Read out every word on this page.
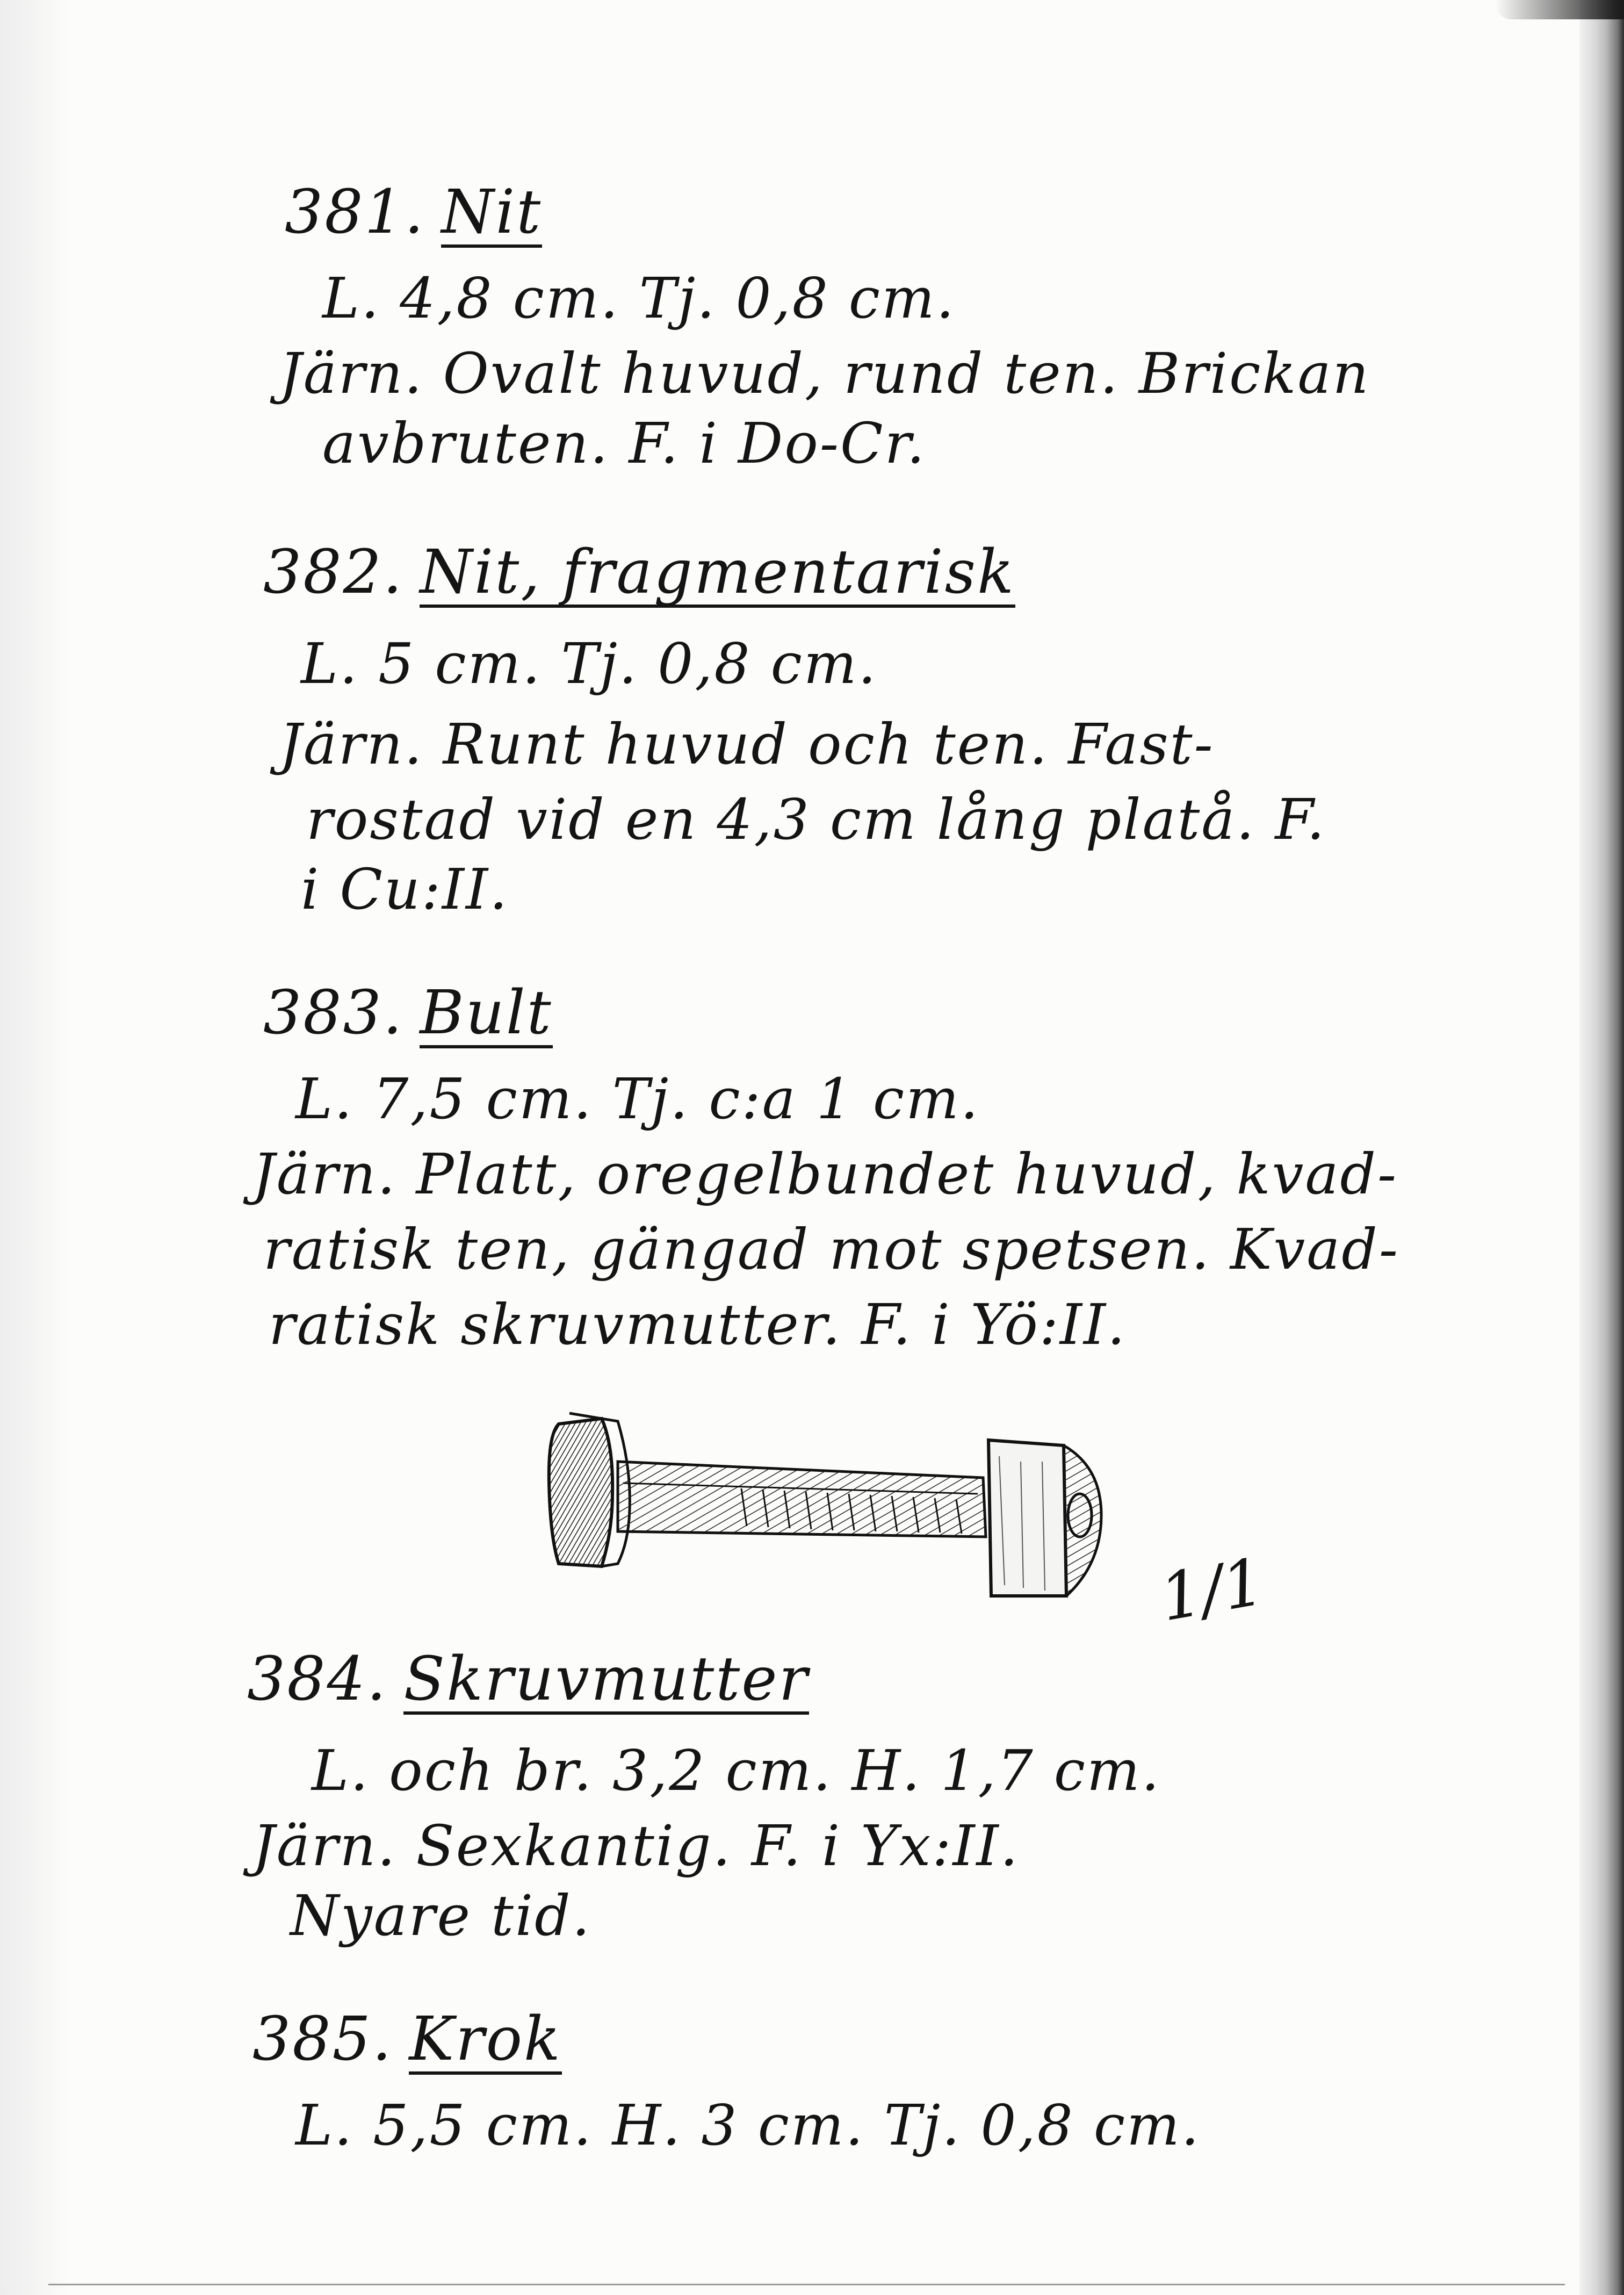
381. Nit

L. 4,8 cm. Tj. 0,8 cm.

Järn. Ovalt huvud, rund ten. Brickan

avbruten. F. i Do-Cr.

382. Nit, fragmentarisk

L. 5 cm. Tj. 0,8 cm.

Järn. Runt huvud och ten. Fast-

rostad vid en 4,3 cm lång platå. F.

i Cu:II.

383. Bult

L. 7,5 cm. Tj. c:a 1 cm.

Järn. Platt, oregelbundet huvud, kvad-

ratisk ten, gängad mot spetsen. Kvad-

ratisk skruvmutter. F. i Yö:II.

1/1

384. Skruvmutter

L. och br. 3,2 cm. H. 1,7 cm.

Järn. Sexkantig. F. i Yx:II.

Nyare tid.

385. Krok

L. 5,5 cm. H. 3 cm. Tj. 0,8 cm.
